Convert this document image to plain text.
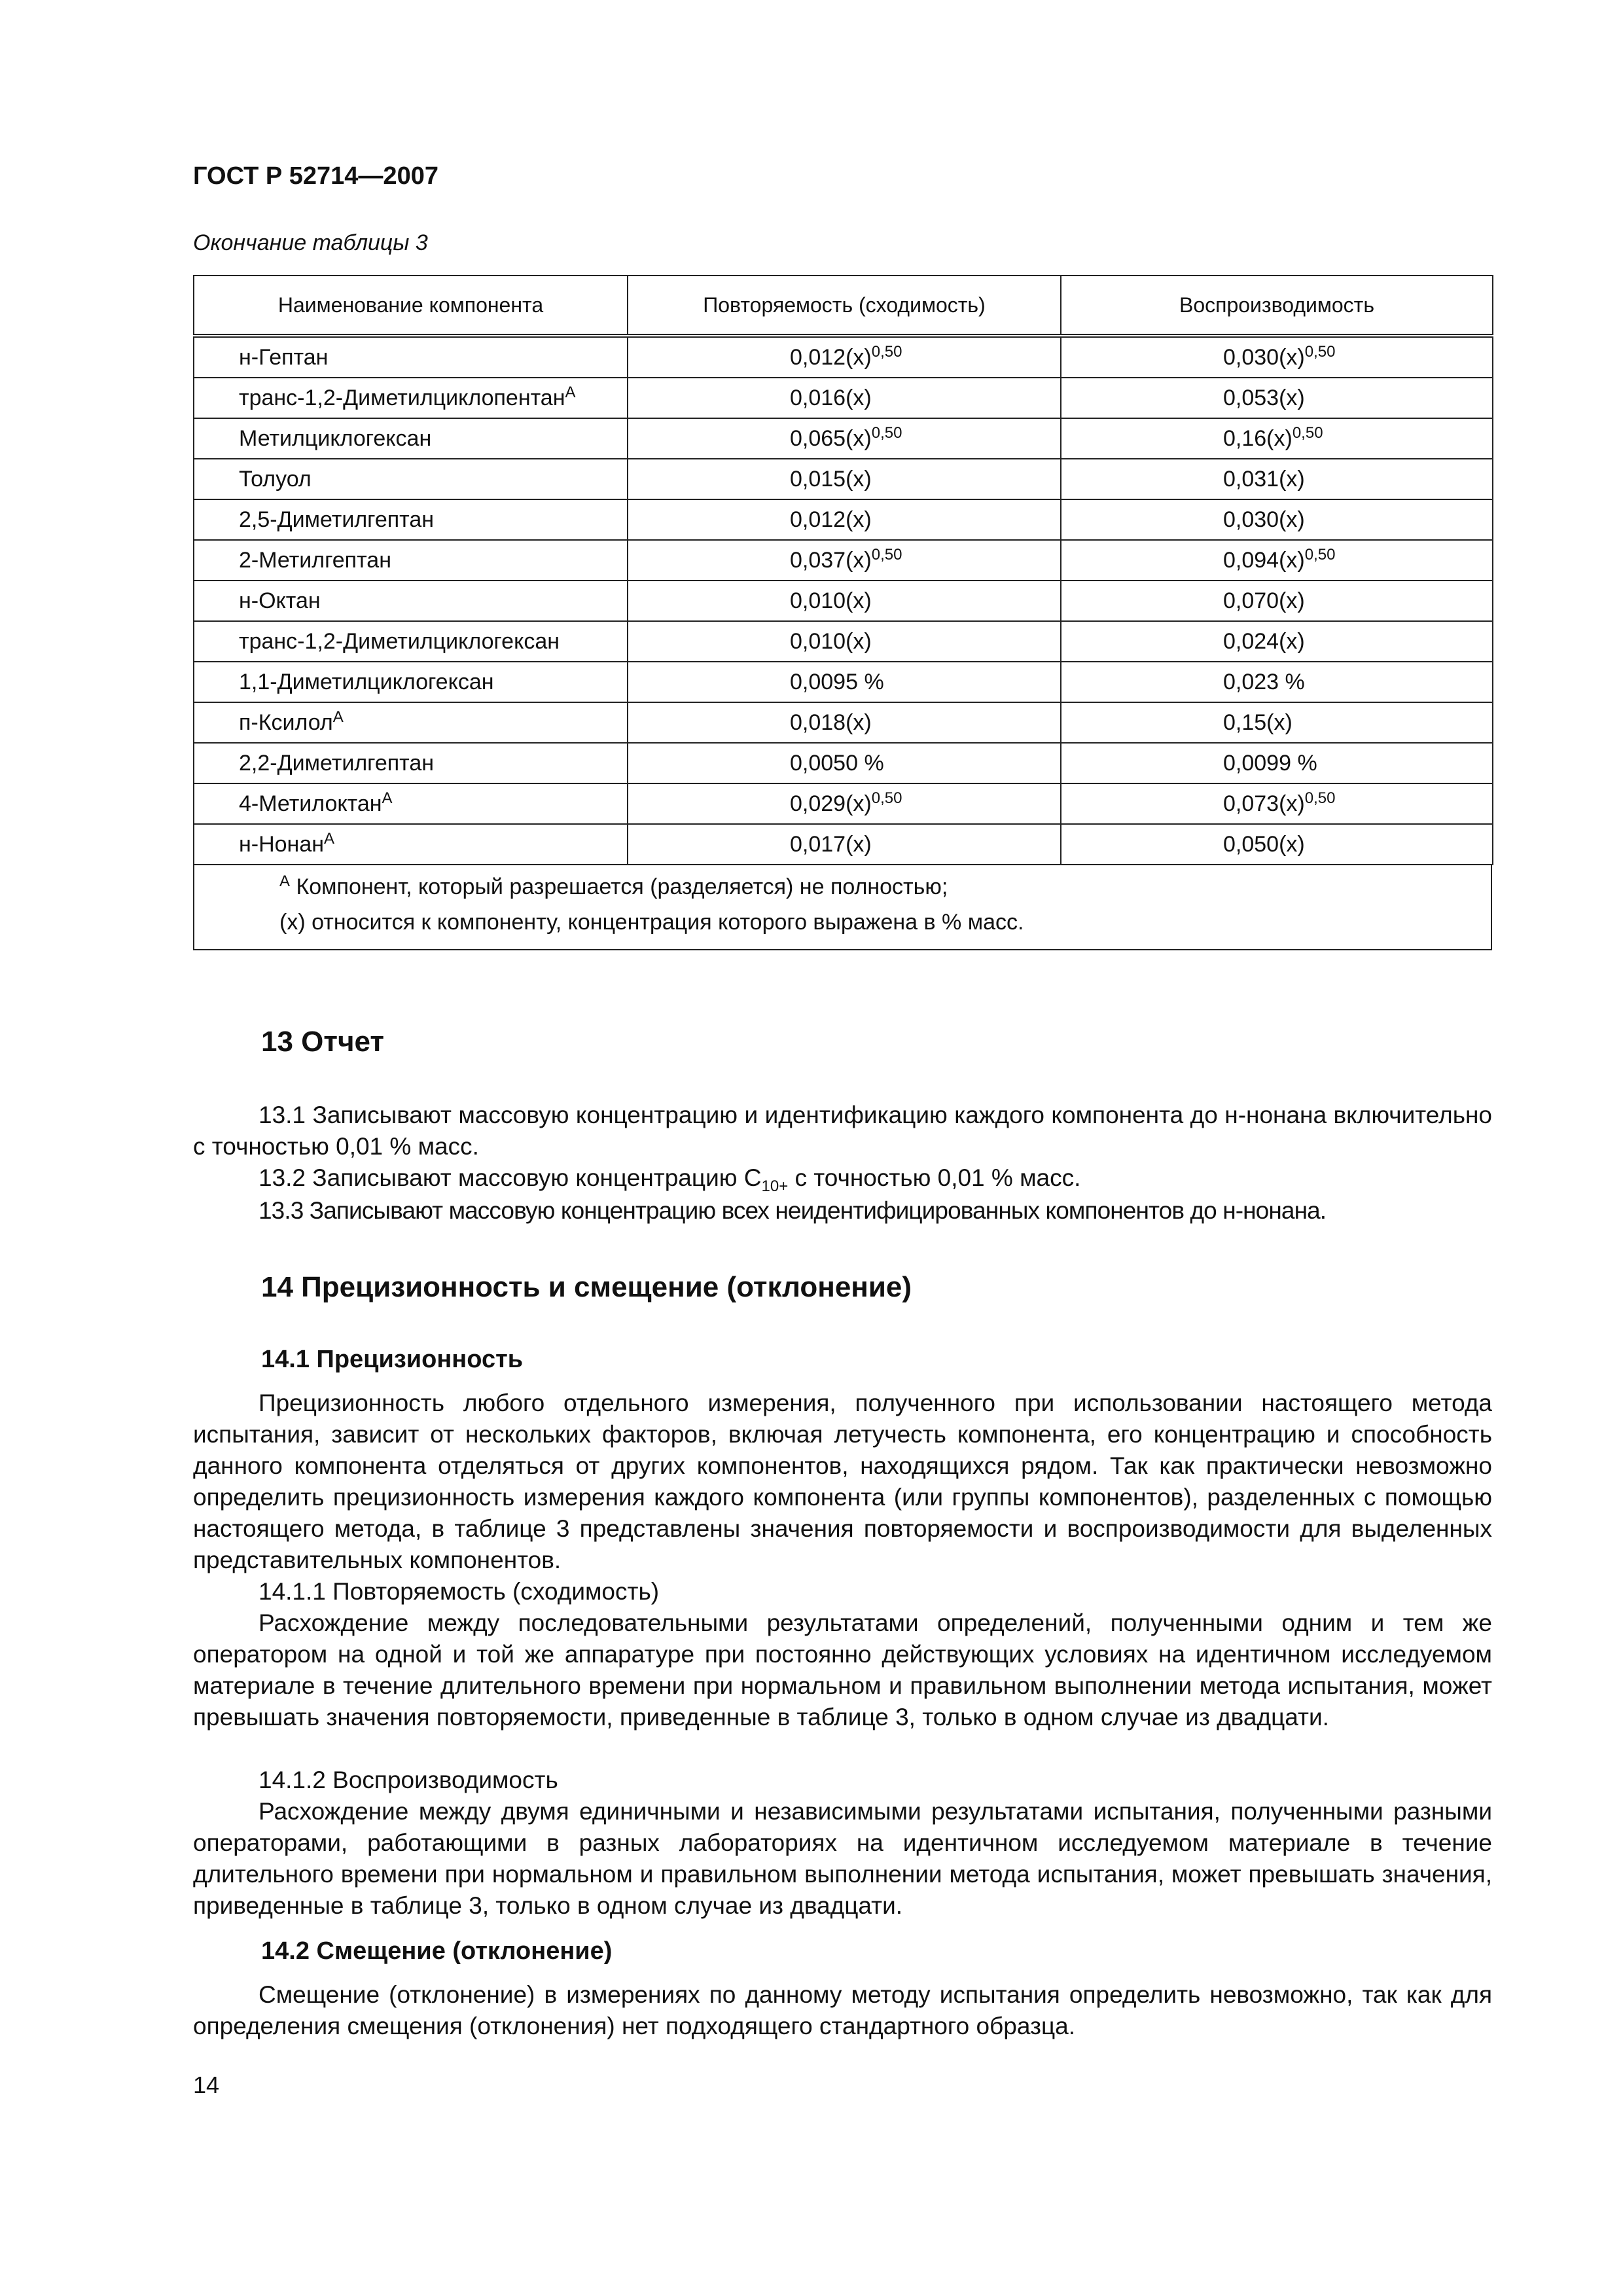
ГОСТ Р 52714—2007
Окончание таблицы 3
Наименование компонента	Повторяемость (сходимость)	Воспроизводимость
н-Гептан	$0,012(x)^{0,50}$	$0,030(x)^{0,50}$
транс-1,2-Диметилциклопентан$^A$	0,016(x)	0,053(x)
Метилциклогексан	$0,065(x)^{0,50}$	$0,16(x)^{0,50}$
Толуол	0,015(x)	0,031(x)
2,5-Диметилгептан	0,012(x)	0,030(x)
2-Метилгептан	$0,037(x)^{0,50}$	$0,094(x)^{0,50}$
н-Октан	0,010(x)	0,070(x)
транс-1,2-Диметилциклогексан	0,010(x)	0,024(x)
1,1-Диметилциклогексан	0,0095 %	0,023 %
п-Ксилол$^A$	0,018(x)	0,15(x)
2,2-Диметилгептан	0,0050 %	0,0099 %
4-Метилоктан$^A$	$0,029(x)^{0,50}$	$0,073(x)^{0,50}$
н-Нонан$^A$	0,017(x)	0,050(x)
$^A$ Компонент, который разрешается (разделяется) не полностью;
(x) относится к компоненту, концентрация которого выражена в % масс.
13 Отчет
13.1 Записывают массовую концентрацию и идентификацию каждого компонента до н-нонана включительно с точностью 0,01 % масс.
13.2 Записывают массовую концентрацию $С_{10+}$ с точностью 0,01 % масс.
13.3 Записывают массовую концентрацию всех неидентифицированных компонентов до н-нонана.
14 Прецизионность и смещение (отклонение)
14.1 Прецизионность
Прецизионность любого отдельного измерения, полученного при использовании настоящего метода испытания, зависит от нескольких факторов, включая летучесть компонента, его концентрацию и способность данного компонента отделяться от других компонентов, находящихся рядом. Так как практически невозможно определить прецизионность измерения каждого компонента (или группы компонентов), разделенных с помощью настоящего метода, в таблице 3 представлены значения повторяемости и воспроизводимости для выделенных представительных компонентов.
14.1.1 Повторяемость (сходимость)
Расхождение между последовательными результатами определений, полученными одним и тем же оператором на одной и той же аппаратуре при постоянно действующих условиях на идентичном исследуемом материале в течение длительного времени при нормальном и правильном выполнении метода испытания, может превышать значения повторяемости, приведенные в таблице 3, только в одном случае из двадцати.
14.1.2 Воспроизводимость
Расхождение между двумя единичными и независимыми результатами испытания, полученными разными операторами, работающими в разных лабораториях на идентичном исследуемом материале в течение длительного времени при нормальном и правильном выполнении метода испытания, может превышать значения, приведенные в таблице 3, только в одном случае из двадцати.
14.2 Смещение (отклонение)
Смещение (отклонение) в измерениях по данному методу испытания определить невозможно, так как для определения смещения (отклонения) нет подходящего стандартного образца.
14
